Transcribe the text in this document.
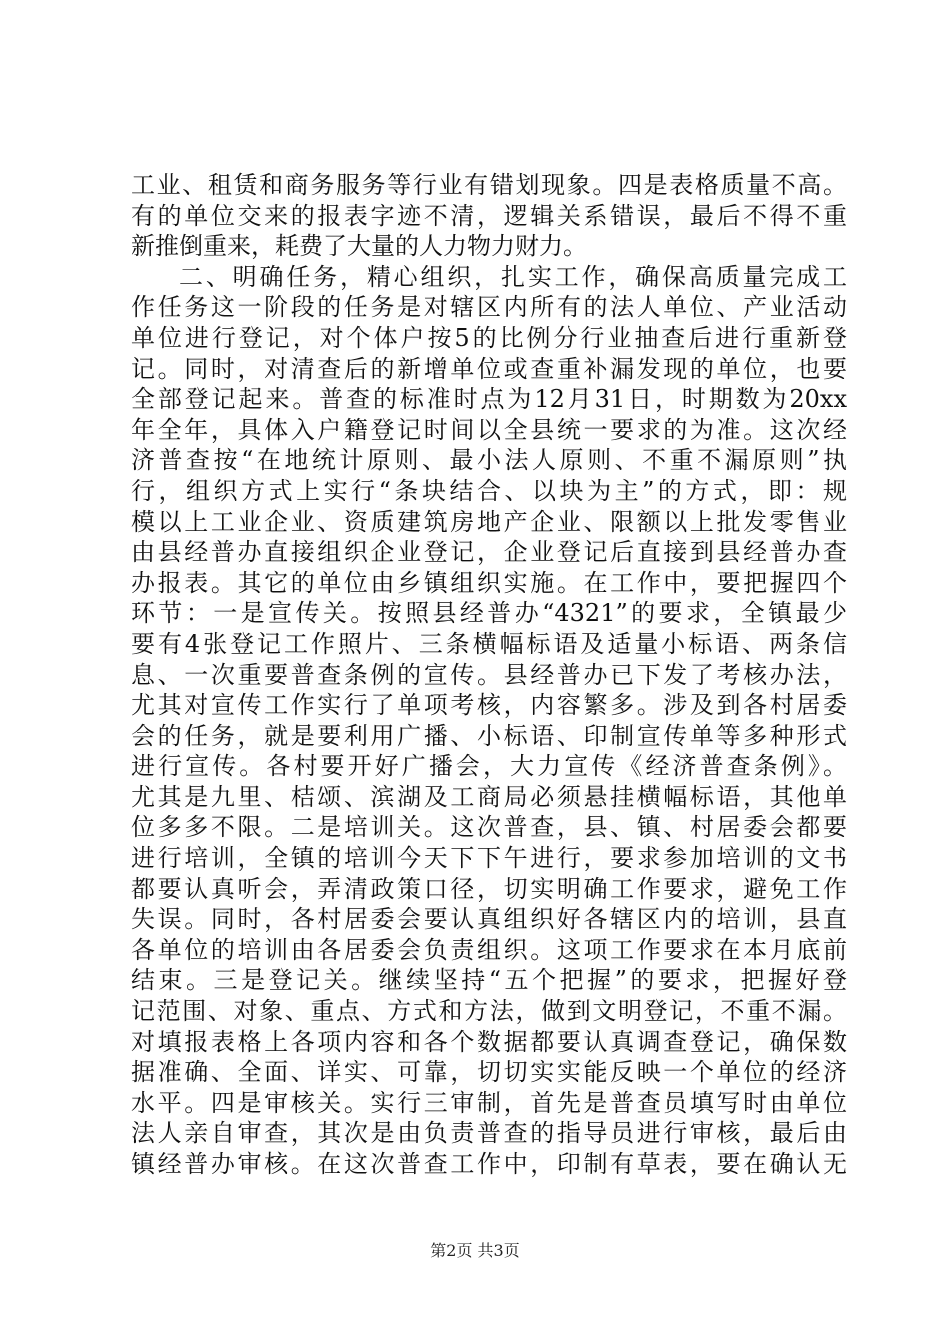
工业、租赁和商务服务等行业有错划现象。四是表格质量不高。
有的单位交来的报表字迹不清，逻辑关系错误，最后不得不重
新推倒重来，耗费了大量的人力物力财力。
二、明确任务，精心组织，扎实工作，确保高质量完成工
作任务这一阶段的任务是对辖区内所有的法人单位、产业活动
单位进行登记，对个体户按5的比例分行业抽查后进行重新登
记。同时，对清查后的新增单位或查重补漏发现的单位，也要
全部登记起来。普查的标准时点为12月31日，时期数为20xx
年全年，具体入户籍登记时间以全县统一要求的为准。这次经
济普查按“在地统计原则、最小法人原则、不重不漏原则”执
行，组织方式上实行“条块结合、以块为主”的方式，即：规
模以上工业企业、资质建筑房地产企业、限额以上批发零售业
由县经普办直接组织企业登记，企业登记后直接到县经普办查
办报表。其它的单位由乡镇组织实施。在工作中，要把握四个
环节：一是宣传关。按照县经普办“4321”的要求，全镇最少
要有4张登记工作照片、三条横幅标语及适量小标语、两条信
息、一次重要普查条例的宣传。县经普办已下发了考核办法，
尤其对宣传工作实行了单项考核，内容繁多。涉及到各村居委
会的任务，就是要利用广播、小标语、印制宣传单等多种形式
进行宣传。各村要开好广播会，大力宣传《经济普查条例》。
尤其是九里、桔颂、滨湖及工商局必须悬挂横幅标语，其他单
位多多不限。二是培训关。这次普查，县、镇、村居委会都要
进行培训，全镇的培训今天下下午进行，要求参加培训的文书
都要认真听会，弄清政策口径，切实明确工作要求，避免工作
失误。同时，各村居委会要认真组织好各辖区内的培训，县直
各单位的培训由各居委会负责组织。这项工作要求在本月底前
结束。三是登记关。继续坚持“五个把握”的要求，把握好登
记范围、对象、重点、方式和方法，做到文明登记，不重不漏。
对填报表格上各项内容和各个数据都要认真调查登记，确保数
据准确、全面、详实、可靠，切切实实能反映一个单位的经济
水平。四是审核关。实行三审制，首先是普查员填写时由单位
法人亲自审查，其次是由负责普查的指导员进行审核，最后由
镇经普办审核。在这次普查工作中，印制有草表，要在确认无
第2页 共3页
